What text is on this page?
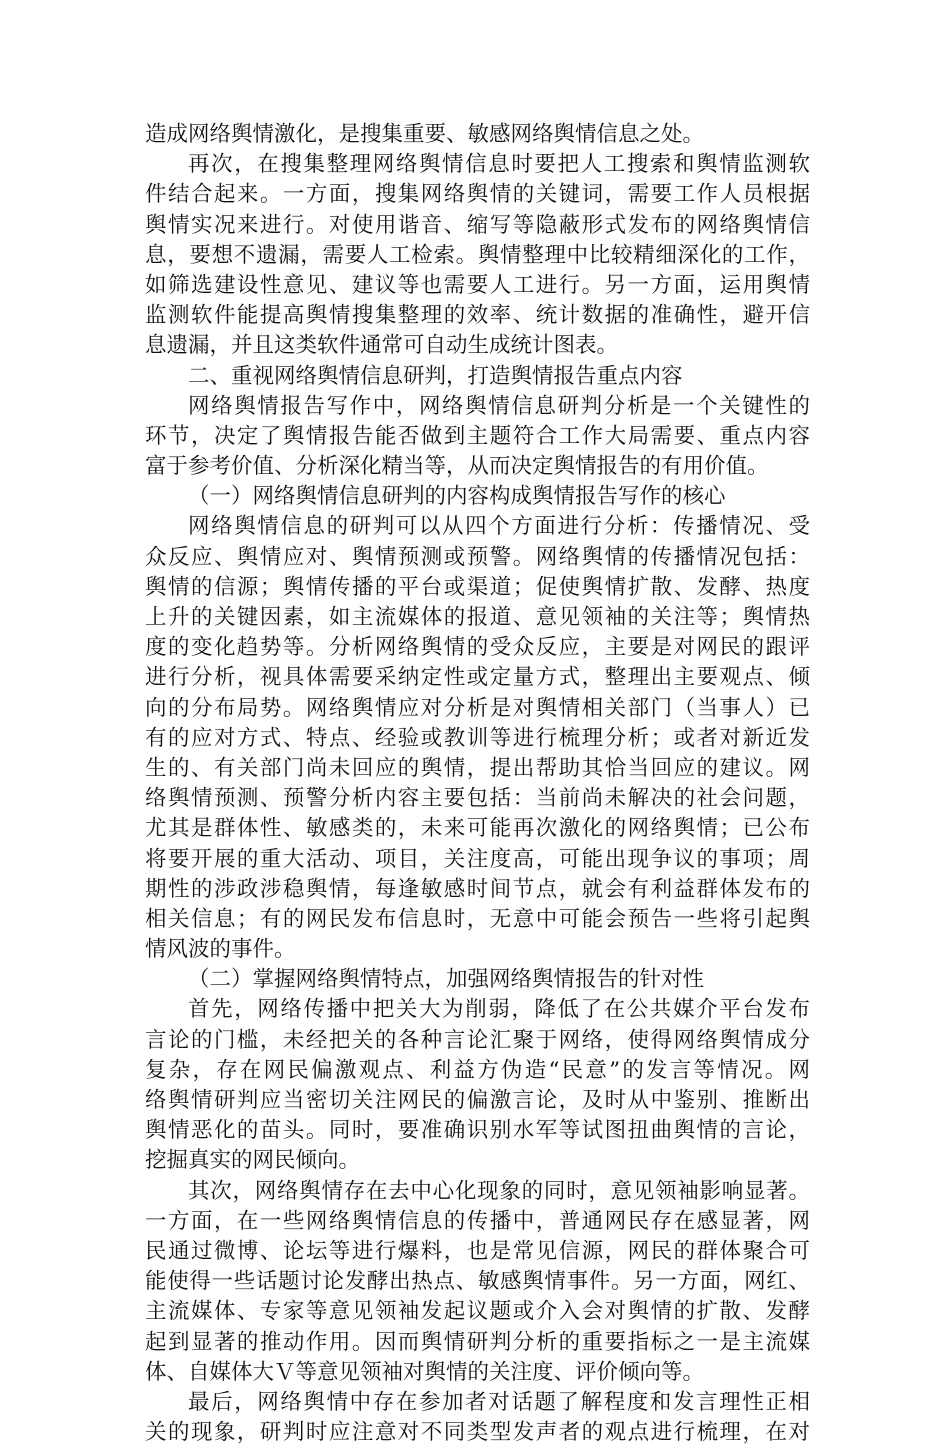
造成网络舆情激化，是搜集重要、敏感网络舆情信息之处。
再次，在搜集整理网络舆情信息时要把人工搜索和舆情监测软
件结合起来。一方面，搜集网络舆情的关键词，需要工作人员根据
舆情实况来进行。对使用谐音、缩写等隐蔽形式发布的网络舆情信
息，要想不遗漏，需要人工检索。舆情整理中比较精细深化的工作，
如筛选建设性意见、建议等也需要人工进行。另一方面，运用舆情
监测软件能提高舆情搜集整理的效率、统计数据的准确性，避开信
息遗漏，并且这类软件通常可自动生成统计图表。
二、重视网络舆情信息研判，打造舆情报告重点内容
网络舆情报告写作中，网络舆情信息研判分析是一个关键性的
环节，决定了舆情报告能否做到主题符合工作大局需要、重点内容
富于参考价值、分析深化精当等，从而决定舆情报告的有用价值。
（一）网络舆情信息研判的内容构成舆情报告写作的核心
网络舆情信息的研判可以从四个方面进行分析：传播情况、受
众反应、舆情应对、舆情预测或预警。网络舆情的传播情况包括：
舆情的信源；舆情传播的平台或渠道；促使舆情扩散、发酵、热度
上升的关键因素，如主流媒体的报道、意见领袖的关注等；舆情热
度的变化趋势等。分析网络舆情的受众反应，主要是对网民的跟评
进行分析，视具体需要采纳定性或定量方式，整理出主要观点、倾
向的分布局势。网络舆情应对分析是对舆情相关部门（当事人）已
有的应对方式、特点、经验或教训等进行梳理分析；或者对新近发
生的、有关部门尚未回应的舆情，提出帮助其恰当回应的建议。网
络舆情预测、预警分析内容主要包括：当前尚未解决的社会问题，
尤其是群体性、敏感类的，未来可能再次激化的网络舆情；已公布
将要开展的重大活动、项目，关注度高，可能出现争议的事项；周
期性的涉政涉稳舆情，每逢敏感时间节点，就会有利益群体发布的
相关信息；有的网民发布信息时，无意中可能会预告一些将引起舆
情风波的事件。
（二）掌握网络舆情特点，加强网络舆情报告的针对性
首先，网络传播中把关大为削弱，降低了在公共媒介平台发布
言论的门槛，未经把关的各种言论汇聚于网络，使得网络舆情成分
复杂，存在网民偏激观点、利益方伪造“民意”的发言等情况。网
络舆情研判应当密切关注网民的偏激言论，及时从中鉴别、推断出
舆情恶化的苗头。同时，要准确识别水军等试图扭曲舆情的言论，
挖掘真实的网民倾向。
其次，网络舆情存在去中心化现象的同时，意见领袖影响显著。
一方面，在一些网络舆情信息的传播中，普通网民存在感显著，网
民通过微博、论坛等进行爆料，也是常见信源，网民的群体聚合可
能使得一些话题讨论发酵出热点、敏感舆情事件。另一方面，网红、
主流媒体、专家等意见领袖发起议题或介入会对舆情的扩散、发酵
起到显著的推动作用。因而舆情研判分析的重要指标之一是主流媒
体、自媒体大Ｖ等意见领袖对舆情的关注度、评价倾向等。
最后，网络舆情中存在参加者对话题了解程度和发言理性正相
关的现象，研判时应注意对不同类型发声者的观点进行梳理，在对
